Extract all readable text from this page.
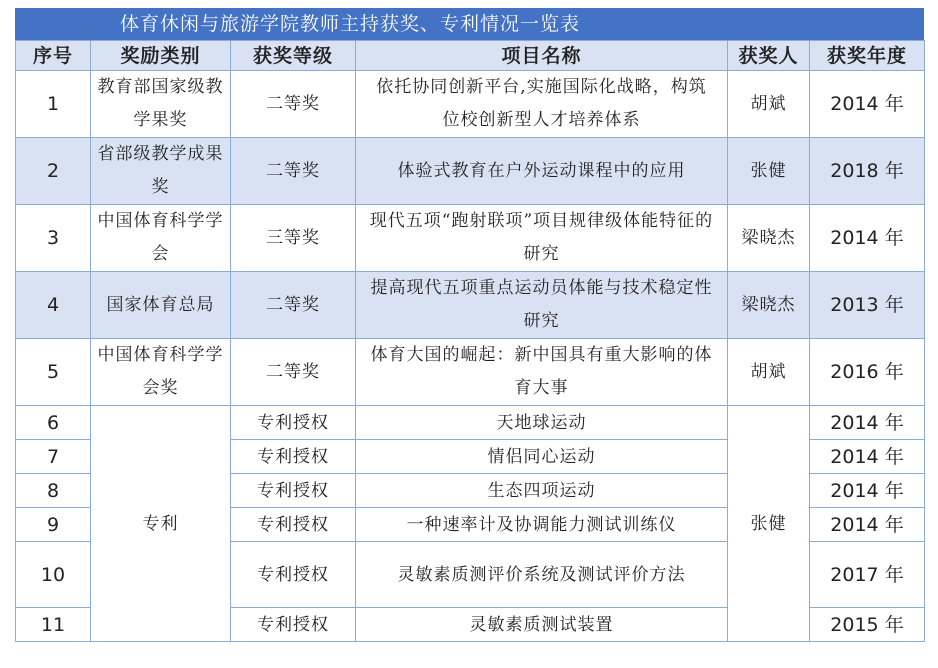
体育休闲与旅游学院教师主持获奖、专利情况一览表
序号	奖励类别	获奖等级	项目名称	获奖人	获奖年度
1	教育部国家级教学果奖	二等奖	依托协同创新平台,实施国际化战略，构筑位校创新型人才培养体系	胡斌	2014 年
2	省部级教学成果奖	二等奖	体验式教育在户外运动课程中的应用	张健	2018 年
3	中国体育科学学会	三等奖	现代五项“跑射联项”项目规律级体能特征的研究	梁晓杰	2014 年
4	国家体育总局	二等奖	提高现代五项重点运动员体能与技术稳定性研究	梁晓杰	2013 年
5	中国体育科学学会奖	二等奖	体育大国的崛起：新中国具有重大影响的体育大事	胡斌	2016 年
6	专利	专利授权	天地球运动	张健	2014 年
7		专利授权	情侣同心运动		2014 年
8		专利授权	生态四项运动		2014 年
9		专利授权	一种速率计及协调能力测试训练仪		2014 年
10		专利授权	灵敏素质测评价系统及测试评价方法		2017 年
11		专利授权	灵敏素质测试装置		2015 年
